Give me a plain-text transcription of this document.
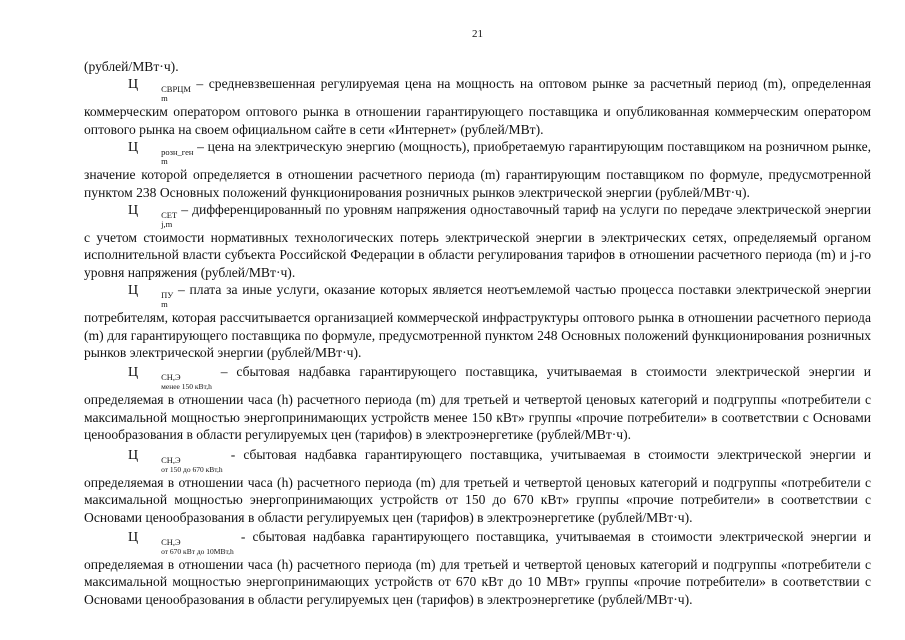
21

(рублей/МВт·ч).

Ц	СВРЦМ
m
– средневзвешенная регулируемая цена на мощность на оптовом рынке за расчетный период (m), определенная коммерческим оператором оптового рынка в отношении гарантирующего поставщика и опубликованная коммерческим оператором оптового рынка на своем официальном сайте в сети «Интернет» (рублей/МВт).

Ц	розн_ген
m
– цена на электрическую энергию (мощность), приобретаемую гарантирующим поставщиком на розничном рынке, значение которой определяется в отношении расчетного периода (m) гарантирующим поставщиком по формуле, предусмотренной пунктом 238 Основных положений функционирования розничных рынков электрической энергии (рублей/МВт·ч).

Ц	СЕТ
j,m
– дифференцированный по уровням напряжения одноставочный тариф на услуги по передаче электрической энергии с учетом стоимости нормативных технологических потерь электрической энергии в электрических сетях, определяемый органом исполнительной власти субъекта Российской Федерации в области регулирования тарифов в отношении расчетного периода (m) и j-го уровня напряжения (рублей/МВт·ч).

Ц	ПУ
m
– плата за иные услуги, оказание которых является неотъемлемой частью процесса поставки электрической энергии потребителям, которая рассчитывается организацией коммерческой инфраструктуры оптового рынка в отношении расчетного периода (m) для гарантирующего поставщика по формуле, предусмотренной пунктом 248 Основных положений функционирования розничных рынков электрической энергии (рублей/МВт·ч).

Ц	СН,Э
менее 150 кВт,h
– сбытовая надбавка гарантирующего поставщика, учитываемая в стоимости электрической энергии и определяемая в отношении часа (h) расчетного периода (m) для третьей и четвертой ценовых категорий и подгруппы «потребители с максимальной мощностью энергопринимающих устройств менее 150 кВт» группы «прочие потребители» в соответствии с Основами ценообразования в области регулируемых цен (тарифов) в электроэнергетике (рублей/МВт·ч).

Ц	СН,Э
от 150 до 670 кВт,h
- сбытовая надбавка гарантирующего поставщика, учитываемая в стоимости электрической энергии и определяемая в отношении часа (h) расчетного периода (m) для третьей и четвертой ценовых категорий и подгруппы «потребители с максимальной мощностью энергопринимающих устройств от 150 до 670 кВт» группы «прочие потребители» в соответствии с Основами ценообразования в области регулируемых цен (тарифов) в электроэнергетике (рублей/МВт·ч).

Ц	СН,Э
от 670 кВт до 10МВт,h
- сбытовая надбавка гарантирующего поставщика, учитываемая в стоимости электрической энергии и определяемая в отношении часа (h) расчетного периода (m) для третьей и четвертой ценовых категорий и подгруппы «потребители с максимальной мощностью энергопринимающих устройств от 670 кВт до 10 МВт» группы «прочие потребители» в соответствии с Основами ценообразования в области регулируемых цен (тарифов) в электроэнергетике (рублей/МВт·ч).
